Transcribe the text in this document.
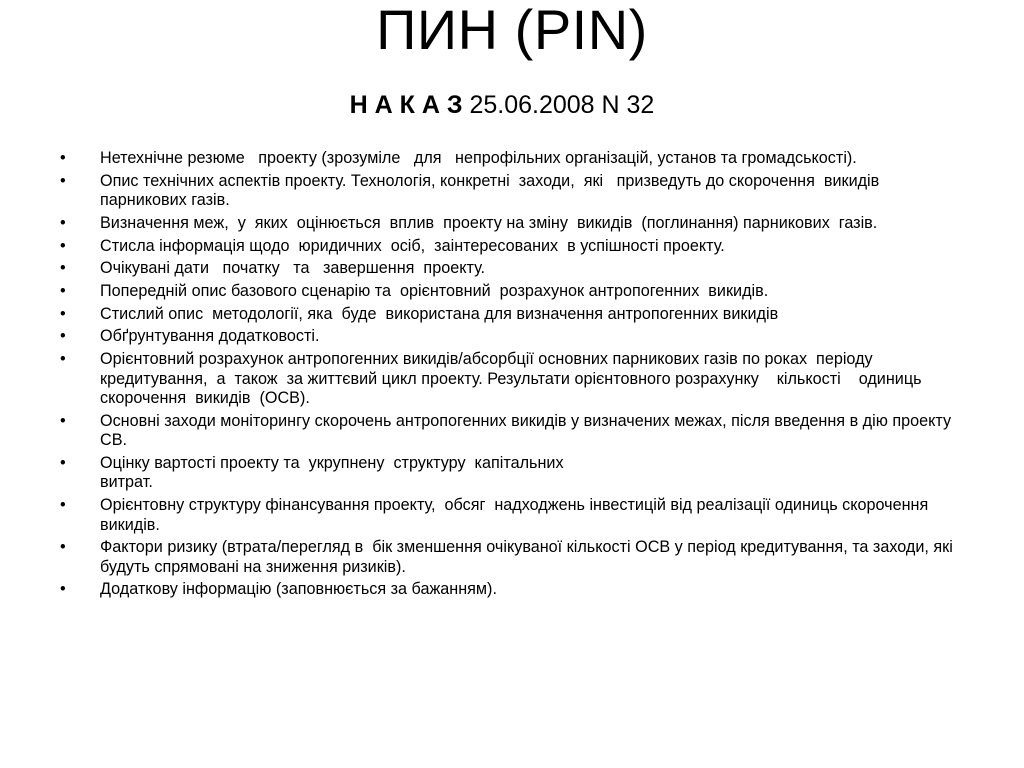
ПИН (PIN)

Н А К А З 25.06.2008 N 32

•	Нетехнічне резюме   проекту (зрозуміле   для   непрофільних організацій, установ та громадськості).
•	Опис технічних аспектів проекту. Технологія, конкретні  заходи,  які   призведуть до скорочення  викидів парникових газів.
•	Визначення меж,  у  яких  оцінюється  вплив  проекту на зміну  викидів  (поглинання) парникових  газів.
•	Стисла інформація щодо  юридичних  осіб,  заінтересованих  в успішності проекту.
•	Очікувані дати   початку   та   завершення  проекту.
•	Попередній опис базового сценарію та  орієнтовний  розрахунок антропогенних  викидів.
•	Стислий опис  методології, яка  буде  використана для визначення антропогенних викидів
•	Обґрунтування додатковості.
•	Орієнтовний розрахунок антропогенних викидів/абсорбції основних парникових газів по роках  періоду  кредитування,  а  також  за життєвий цикл проекту. Результати орієнтовного розрахунку    кількості    одиниць скорочення  викидів  (ОСВ).
•	Основні заходи моніторингу скорочень антропогенних викидів у визначених межах, після введення в дію проекту СВ.
•	Оцінку вартості проекту та  укрупнену  структуру  капітальних
витрат.
•	Орієнтовну структуру фінансування проекту,  обсяг  надходжень інвестицій від реалізації одиниць скорочення  викидів.
•	Фактори ризику (втрата/перегляд в  бік зменшення очікуваної кількості ОСВ у період кредитування, та заходи, які будуть спрямовані на зниження ризиків).
•	Додаткову інформацію (заповнюється за бажанням).
